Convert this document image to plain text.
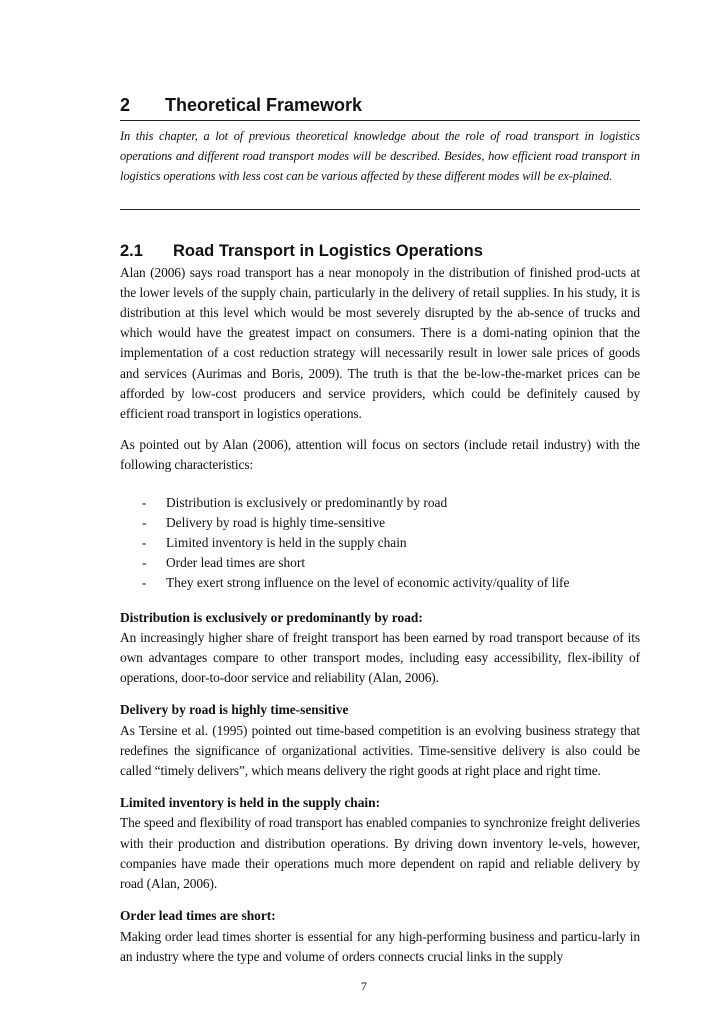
2	Theoretical Framework

In this chapter, a lot of previous theoretical knowledge about the role of road transport in logistics operations and different road transport modes will be described. Besides, how efficient road transport in logistics operations with less cost can be various affected by these different modes will be ex-plained.

2.1	Road Transport in Logistics Operations

Alan (2006) says road transport has a near monopoly in the distribution of finished prod-ucts at the lower levels of the supply chain, particularly in the delivery of retail supplies. In his study, it is distribution at this level which would be most severely disrupted by the ab-sence of trucks and which would have the greatest impact on consumers. There is a domi-nating opinion that the implementation of a cost reduction strategy will necessarily result in lower sale prices of goods and services (Aurimas and Boris, 2009). The truth is that the be-low-the-market prices can be afforded by low-cost producers and service providers, which could be definitely caused by efficient road transport in logistics operations.

As pointed out by Alan (2006), attention will focus on sectors (include retail industry) with the following characteristics:

-	Distribution is exclusively or predominantly by road
-	Delivery by road is highly time-sensitive
-	Limited inventory is held in the supply chain
-	Order lead times are short
-	They exert strong influence on the level of economic activity/quality of life
Distribution is exclusively or predominantly by road:

An increasingly higher share of freight transport has been earned by road transport because of its own advantages compare to other transport modes, including easy accessibility, flex-ibility of operations, door-to-door service and reliability (Alan, 2006).

Delivery by road is highly time-sensitive

As Tersine et al. (1995) pointed out time-based competition is an evolving business strategy that redefines the significance of organizational activities. Time-sensitive delivery is also could be called “timely delivers”, which means delivery the right goods at right place and right time.

Limited inventory is held in the supply chain:

The speed and flexibility of road transport has enabled companies to synchronize freight deliveries with their production and distribution operations. By driving down inventory le-vels, however, companies have made their operations much more dependent on rapid and reliable delivery by road (Alan, 2006).

Order lead times are short:

Making order lead times shorter is essential for any high-performing business and particu-larly in an industry where the type and volume of orders connects crucial links in the supply

7
